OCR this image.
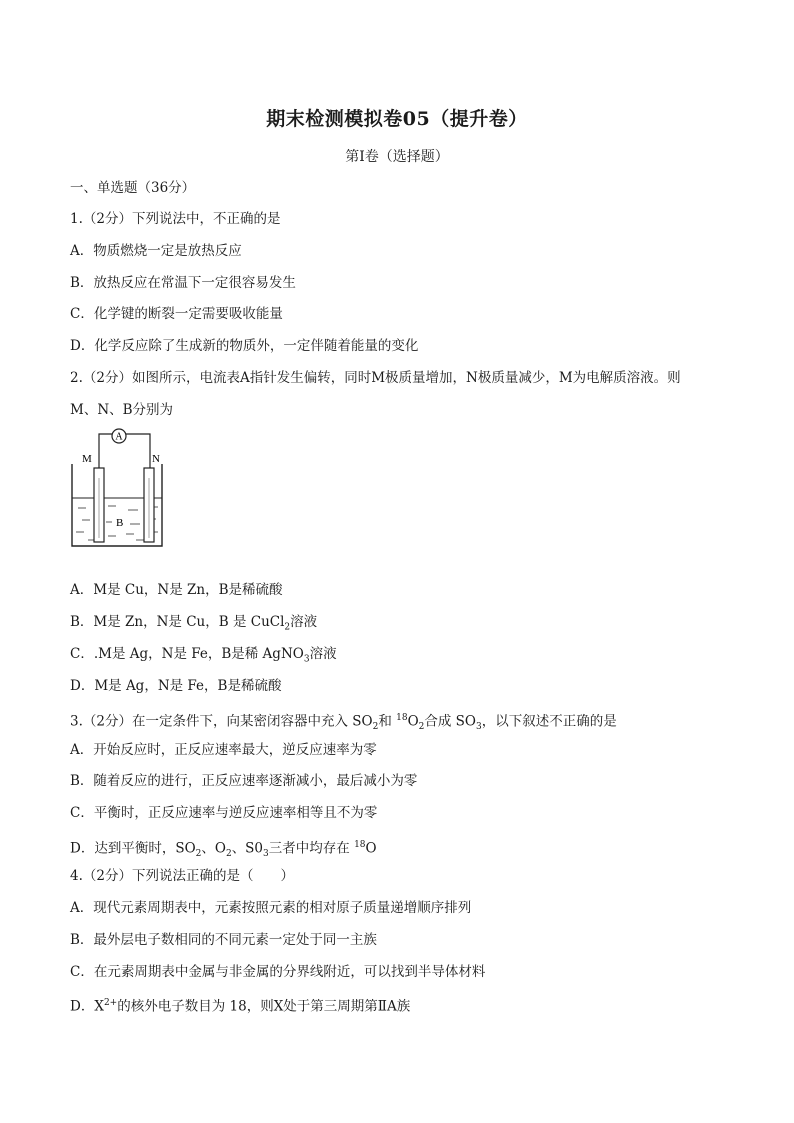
期末检测模拟卷05（提升卷）
第Ⅰ卷（选择题）
一、单选题（36分）
1.（2分）下列说法中，不正确的是
A．物质燃烧一定是放热反应
B．放热反应在常温下一定很容易发生
C．化学键的断裂一定需要吸收能量
D．化学反应除了生成新的物质外，一定伴随着能量的变化
2.（2分）如图所示，电流表A指针发生偏转，同时M极质量增加，N极质量减少，M为电解质溶液。则
M、N、B分别为
A
M	N
B
A．M是 Cu，N是 Zn，B是稀硫酸
B．M是 Zn，N是 Cu，B 是 CuCl$_2$溶液
C．.M是 Ag，N是 Fe，B是稀 AgNO$_3$溶液
D．M是 Ag，N是 Fe，B是稀硫酸
3.（2分）在一定条件下，向某密闭容器中充入 $SO_2$和 $^{18}O_2$合成 $SO_3$，以下叙述不正确的是
A．开始反应时，正反应速率最大，逆反应速率为零
B．随着反应的进行，正反应速率逐渐减小，最后减小为零
C．平衡时，正反应速率与逆反应速率相等且不为零
D．达到平衡时，$SO_2$、$O_2$、$S0_3$三者中均存在 $^{18}$O
4.（2分）下列说法正确的是（　　）
A．现代元素周期表中，元素按照元素的相对原子质量递增顺序排列
B．最外层电子数相同的不同元素一定处于同一主族
C．在元素周期表中金属与非金属的分界线附近，可以找到半导体材料
D．$X^{2+}$的核外电子数目为 18，则X处于第三周期第ⅡA族
